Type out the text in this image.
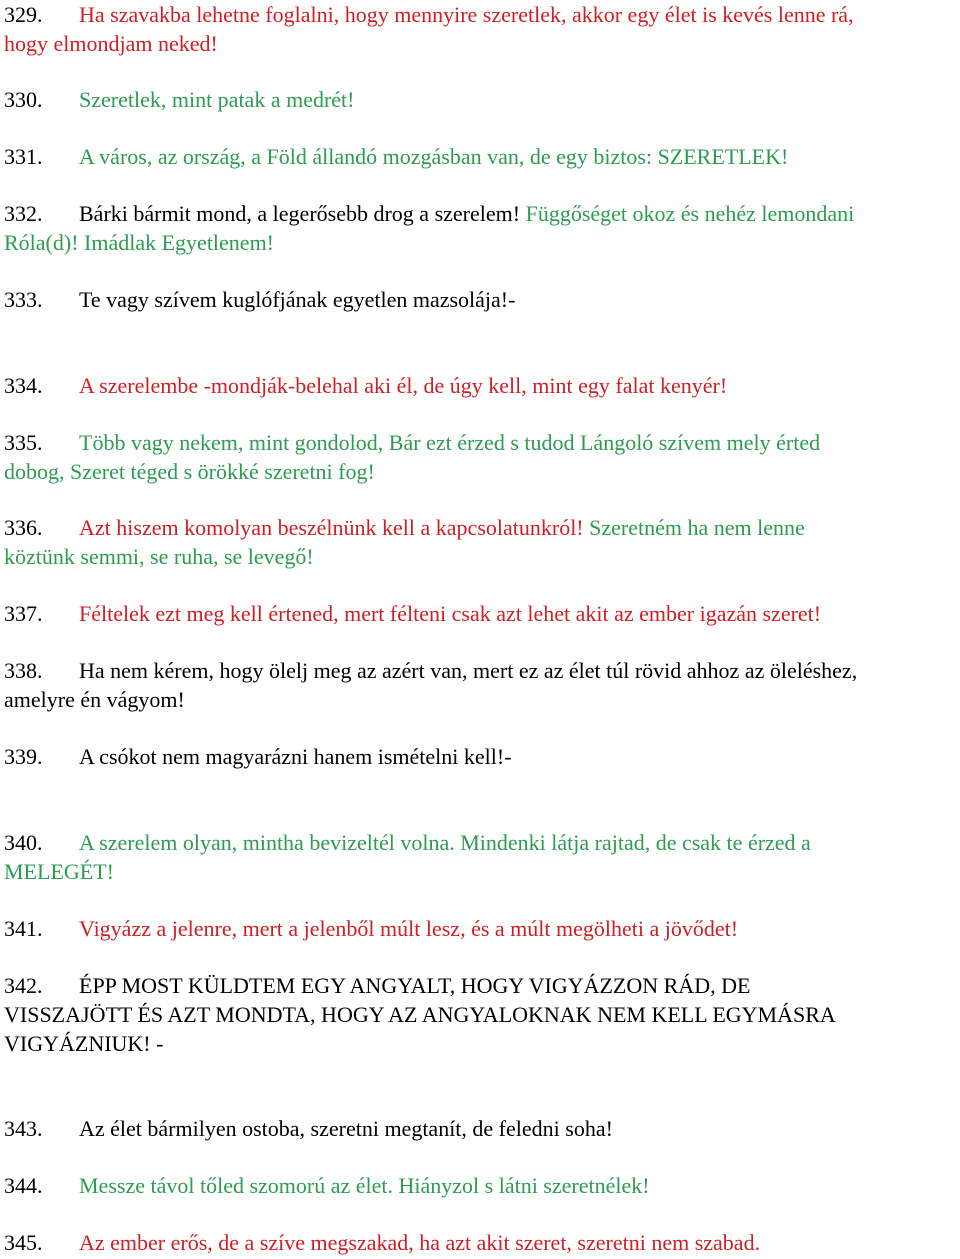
329. Ha szavakba lehetne foglalni, hogy mennyire szeretlek, akkor egy élet is kevés lenne rá,
hogy elmondjam neked!

330. Szeretlek, mint patak a medrét!

331. A város, az ország, a Föld állandó mozgásban van, de egy biztos: SZERETLEK!

332. Bárki bármit mond, a legerősebb drog a szerelem! Függőséget okoz és nehéz lemondani
Róla(d)! Imádlak Egyetlenem!

333. Te vagy szívem kuglófjának egyetlen mazsolája!-

334. A szerelembe -mondják-belehal aki él, de úgy kell, mint egy falat kenyér!

335. Több vagy nekem, mint gondolod, Bár ezt érzed s tudod Lángoló szívem mely érted
dobog, Szeret téged s örökké szeretni fog!

336. Azt hiszem komolyan beszélnünk kell a kapcsolatunkról! Szeretném ha nem lenne
köztünk semmi, se ruha, se levegő!

337. Féltelek ezt meg kell értened, mert félteni csak azt lehet akit az ember igazán szeret!

338. Ha nem kérem, hogy ölelj meg az azért van, mert ez az élet túl rövid ahhoz az öleléshez,
amelyre én vágyom!

339. A csókot nem magyarázni hanem ismételni kell!-

340. A szerelem olyan, mintha bevizeltél volna. Mindenki látja rajtad, de csak te érzed a
MELEGÉT!

341. Vigyázz a jelenre, mert a jelenből múlt lesz, és a múlt megölheti a jövődet!

342. ÉPP MOST KÜLDTEM EGY ANGYALT, HOGY VIGYÁZZON RÁD, DE
VISSZAJÖTT ÉS AZT MONDTA, HOGY AZ ANGYALOKNAK NEM KELL EGYMÁSRA
VIGYÁZNIUK! -

343. Az élet bármilyen ostoba, szeretni megtanít, de feledni soha!

344. Messze távol tőled szomorú az élet. Hiányzol s látni szeretnélek!

345. Az ember erős, de a szíve megszakad, ha azt akit szeret, szeretni nem szabad.
